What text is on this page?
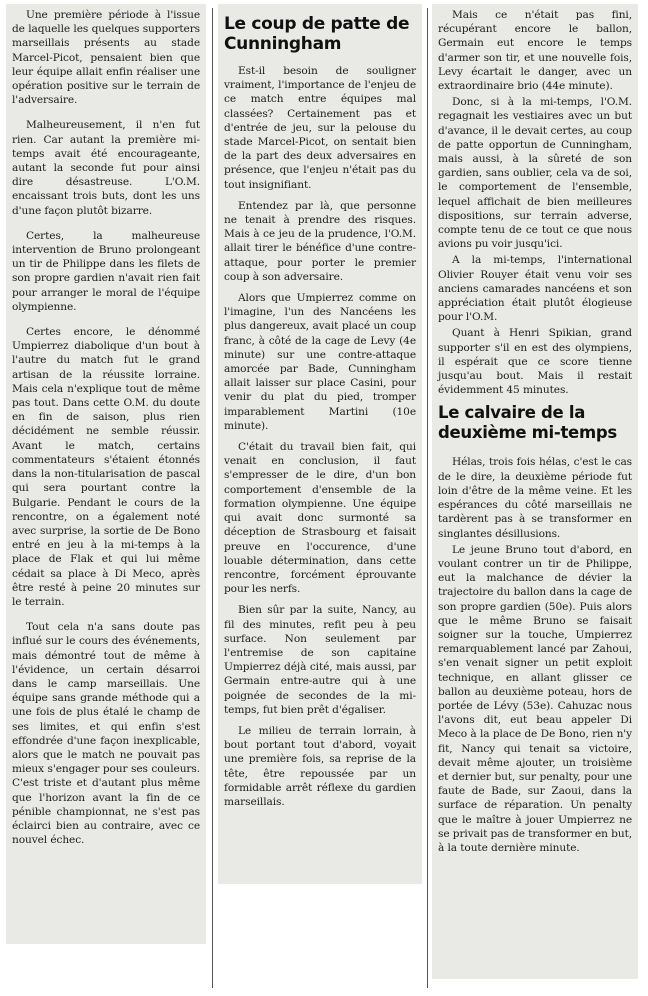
Une première période à l'issue de laquelle les quelques supporters marseillais présents au stade Marcel-Picot, pensaient bien que leur équipe allait enfin réaliser une opération positive sur le terrain de l'adversaire.

Malheureusement, il n'en fut rien. Car autant la première mi-temps avait été encourageante, autant la seconde fut pour ainsi dire désastreuse. L'O.M. encaissant trois buts, dont les uns d'une façon plutôt bizarre.

Certes, la malheureuse intervention de Bruno prolongeant un tir de Philippe dans les filets de son propre gardien n'avait rien fait pour arranger le moral de l'équipe olympienne.

Certes encore, le dénommé Umpierrez diabolique d'un bout à l'autre du match fut le grand artisan de la réussite lorraine. Mais cela n'explique tout de même pas tout. Dans cette O.M. du doute en fin de saison, plus rien décidément ne semble réussir. Avant le match, certains commentateurs s'étaient étonnés dans la non-titularisation de pascal qui sera pourtant contre la Bulgarie. Pendant le cours de la rencontre, on a également noté avec surprise, la sortie de De Bono entré en jeu à la mi-temps à la place de Flak et qui lui même cédait sa place à Di Meco, après être resté à peine 20 minutes sur le terrain.

Tout cela n'a sans doute pas influé sur le cours des événements, mais démontré tout de même à l'évidence, un certain désarroi dans le camp marseillais. Une équipe sans grande méthode qui a une fois de plus étalé le champ de ses limites, et qui enfin s'est effondrée d'une façon inexplicable, alors que le match ne pouvait pas mieux s'engager pour ses couleurs. C'est triste et d'autant plus même que l'horizon avant la fin de ce pénible championnat, ne s'est pas éclairci bien au contraire, avec ce nouvel échec.

Le coup de patte de Cunningham

Est-il besoin de souligner vraiment, l'importance de l'enjeu de ce match entre équipes mal classées? Certainement pas et d'entrée de jeu, sur la pelouse du stade Marcel-Picot, on sentait bien de la part des deux adversaires en présence, que l'enjeu n'était pas du tout insignifiant.

Entendez par là, que personne ne tenait à prendre des risques. Mais à ce jeu de la prudence, l'O.M. allait tirer le bénéfice d'une contre-attaque, pour porter le premier coup à son adversaire.

Alors que Umpierrez comme on l'imagine, l'un des Nancéens les plus dangereux, avait placé un coup franc, à côté de la cage de Levy (4e minute) sur une contre-attaque amorcée par Bade, Cunningham allait laisser sur place Casini, pour venir du plat du pied, tromper imparablement Martini (10e minute).

C'était du travail bien fait, qui venait en conclusion, il faut s'empresser de le dire, d'un bon comportement d'ensemble de la formation olympienne. Une équipe qui avait donc surmonté sa déception de Strasbourg et faisait preuve en l'occurence, d'une louable détermination, dans cette rencontre, forcément éprouvante pour les nerfs.

Bien sûr par la suite, Nancy, au fil des minutes, refit peu à peu surface. Non seulement par l'entremise de son capitaine Umpierrez déjà cité, mais aussi, par Germain entre-autre qui à une poignée de secondes de la mi-temps, fut bien prêt d'égaliser.

Le milieu de terrain lorrain, à bout portant tout d'abord, voyait une première fois, sa reprise de la tête, être repoussée par un formidable arrêt réflexe du gardien marseillais.

Mais ce n'était pas fini, récupérant encore le ballon, Germain eut encore le temps d'armer son tir, et une nouvelle fois, Levy écartait le danger, avec un extraordinaire brio (44e minute).

Donc, si à la mi-temps, l'O.M. regagnait les vestiaires avec un but d'avance, il le devait certes, au coup de patte opportun de Cunningham, mais aussi, à la sûreté de son gardien, sans oublier, cela va de soi, le comportement de l'ensemble, lequel affichait de bien meilleures dispositions, sur terrain adverse, compte tenu de ce tout ce que nous avions pu voir jusqu'ici.

A la mi-temps, l'international Olivier Rouyer était venu voir ses anciens camarades nancéens et son appréciation était plutôt élogieuse pour l'O.M.

Quant à Henri Spikian, grand supporter s'il en est des olympiens, il espérait que ce score tienne jusqu'au bout. Mais il restait évidemment 45 minutes.

Le calvaire de la deuxième mi-temps

Hélas, trois fois hélas, c'est le cas de le dire, la deuxième période fut loin d'être de la même veine. Et les espérances du côté marseillais ne tardèrent pas à se transformer en singlantes désillusions.

Le jeune Bruno tout d'abord, en voulant contrer un tir de Philippe, eut la malchance de dévier la trajectoire du ballon dans la cage de son propre gardien (50e). Puis alors que le même Bruno se faisait soigner sur la touche, Umpierrez remarquablement lancé par Zahoui, s'en venait signer un petit exploit technique, en allant glisser ce ballon au deuxième poteau, hors de portée de Lévy (53e). Cahuzac nous l'avons dit, eut beau appeler Di Meco à la place de De Bono, rien n'y fit, Nancy qui tenait sa victoire, devait même ajouter, un troisième et dernier but, sur penalty, pour une faute de Bade, sur Zaoui, dans la surface de réparation. Un penalty que le maître à jouer Umpierrez ne se privait pas de transformer en but, à la toute dernière minute.
